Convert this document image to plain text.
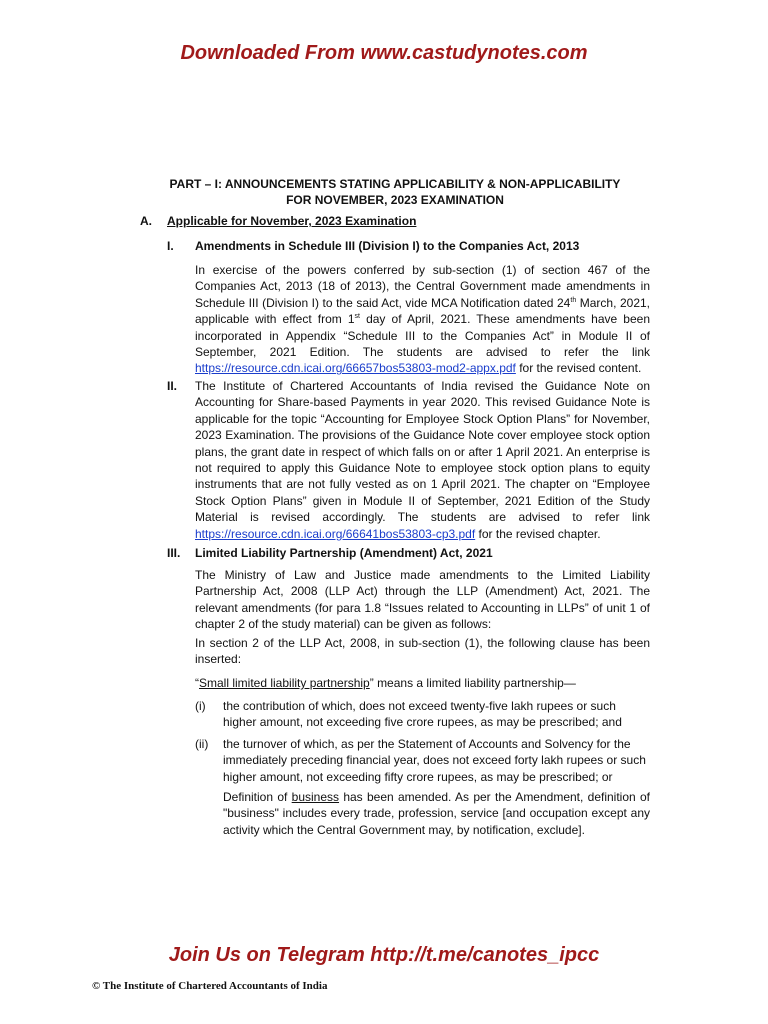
Downloaded From www.castudynotes.com
PART – I: ANNOUNCEMENTS STATING APPLICABILITY & NON-APPLICABILITY
FOR NOVEMBER, 2023 EXAMINATION
A. Applicable for November, 2023 Examination
I. Amendments in Schedule III (Division I) to the Companies Act, 2013
In exercise of the powers conferred by sub-section (1) of section 467 of the Companies Act, 2013 (18 of 2013), the Central Government made amendments in Schedule III (Division I) to the said Act, vide MCA Notification dated 24th March, 2021, applicable with effect from 1st day of April, 2021. These amendments have been incorporated in Appendix “Schedule III to the Companies Act” in Module II of September, 2021 Edition. The students are advised to refer the link https://resource.cdn.icai.org/66657bos53803-mod2-appx.pdf for the revised content.
II. The Institute of Chartered Accountants of India revised the Guidance Note on Accounting for Share-based Payments in year 2020. This revised Guidance Note is applicable for the topic “Accounting for Employee Stock Option Plans” for November, 2023 Examination. The provisions of the Guidance Note cover employee stock option plans, the grant date in respect of which falls on or after 1 April 2021. An enterprise is not required to apply this Guidance Note to employee stock option plans to equity instruments that are not fully vested as on 1 April 2021. The chapter on “Employee Stock Option Plans” given in Module II of September, 2021 Edition of the Study Material is revised accordingly. The students are advised to refer link https://resource.cdn.icai.org/66641bos53803-cp3.pdf for the revised chapter.
III. Limited Liability Partnership (Amendment) Act, 2021
The Ministry of Law and Justice made amendments to the Limited Liability Partnership Act, 2008 (LLP Act) through the LLP (Amendment) Act, 2021. The relevant amendments (for para 1.8 “Issues related to Accounting in LLPs” of unit 1 of chapter 2 of the study material) can be given as follows:
In section 2 of the LLP Act, 2008, in sub-section (1), the following clause has been inserted:
“Small limited liability partnership” means a limited liability partnership—
(i) the contribution of which, does not exceed twenty-five lakh rupees or such higher amount, not exceeding five crore rupees, as may be prescribed; and
(ii) the turnover of which, as per the Statement of Accounts and Solvency for the immediately preceding financial year, does not exceed forty lakh rupees or such higher amount, not exceeding fifty crore rupees, as may be prescribed; or
Definition of business has been amended. As per the Amendment, definition of "business" includes every trade, profession, service [and occupation except any activity which the Central Government may, by notification, exclude].
Join Us on Telegram http://t.me/canotes_ipcc
© The Institute of Chartered Accountants of India
